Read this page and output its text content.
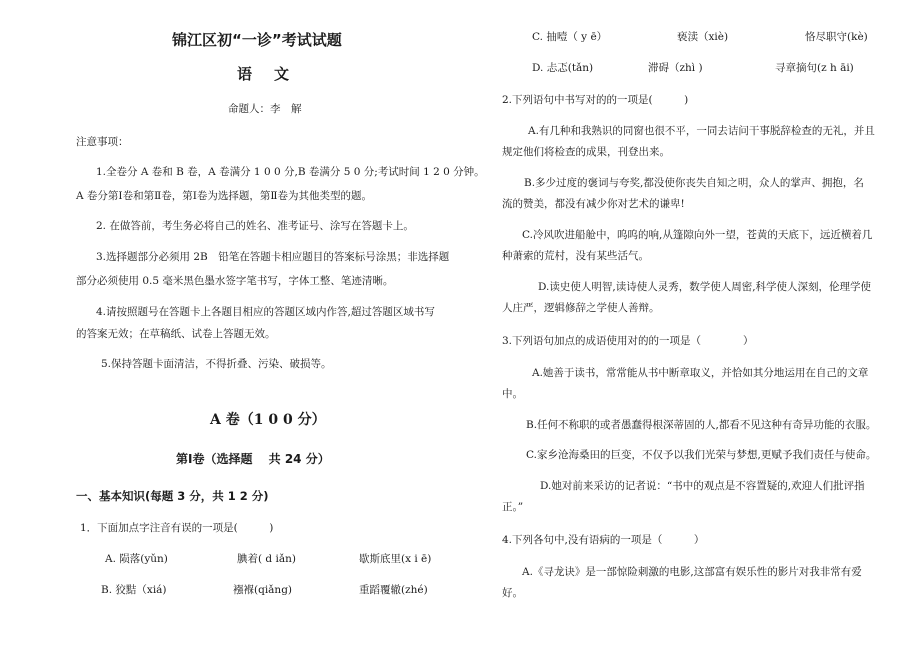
锦江区初“一诊”考试试题
语文
命题人：李　解
注意事项：
1.全卷分 A 卷和 B 卷，A 卷满分 1 0 0 分,B 卷满分 5 0 分;考试时间 1 2 0 分钟。
A 卷分第Ⅰ卷和第Ⅱ卷，第Ⅰ卷为选择题，第Ⅱ卷为其他类型的题。
2. 在做答前，考生务必将自己的姓名、准考证号、涂写在答题卡上。
3.选择题部分必须用 2B　铅笔在答题卡相应题目的答案标号涂黑；非选择题
部分必须使用 0.5 毫米黑色墨水签字笔书写，字体工整、笔迹清晰。
4.请按照题号在答题卡上各题目相应的答题区域内作答,超过答题区域书写
的答案无效；在草稿纸、试卷上答题无效。
5.保持答题卡面清洁，不得折叠、污染、破损等。
A 卷（1 0 0 分）
第Ⅰ卷（选择题　 共 24 分）
一、基本知识(每题 3 分，共 1 2 分)
1．下面加点字注音有误的一项是(　　　)
A. 陨落(yǔn)	腆着( d iǎn)	歇斯底里(x i ē)
B. 狡黠（xiá)	襁褓(qiǎng)	重蹈覆辙(zhé)
C. 抽噎（ y ē）	亵渎（xiè)	恪尽职守(kè)
D. 忐忑(tǎn)	滞碍（zhì )	寻章摘句(z h āi)
2.下列语句中书写对的的一项是(　　　)
A.有几种和我熟识的同窗也很不平，一同去诘问干事脱辞检查的无礼，并且
规定他们将检查的成果，刊登出来。
B.多少过度的褒词与夸奖,都没使你丧失自知之明，众人的掌声、拥抱，名
流的赞美，都没有减少你对艺术的谦卑!
C.冷风吹进船舱中，呜呜的响,从篷隙向外一望，苍黄的天底下，远近横着几
种萧索的荒村，没有某些活气。
D.读史使人明智,读诗使人灵秀，数学使人周密,科学使人深刻，伦理学使
人庄严，逻辑修辞之学使人善辩。
3.下列语句加点的成语使用对的的一项是（　　　　）
A.她善于读书，常常能从书中断章取义，并恰如其分地运用在自己的文章
中。
B.任何不称职的或者愚蠢得根深蒂固的人,都看不见这种有奇异功能的衣服。
C.家乡沧海桑田的巨变，不仅予以我们光荣与梦想,更赋予我们责任与使命。
D.她对前来采访的记者说：“书中的观点是不容置疑的,欢迎人们批评指
正。”
4.下列各句中,没有语病的一项是（　　　）
A.《寻龙诀》是一部惊险刺激的电影,这部富有娱乐性的影片对我非常有爱
好。
